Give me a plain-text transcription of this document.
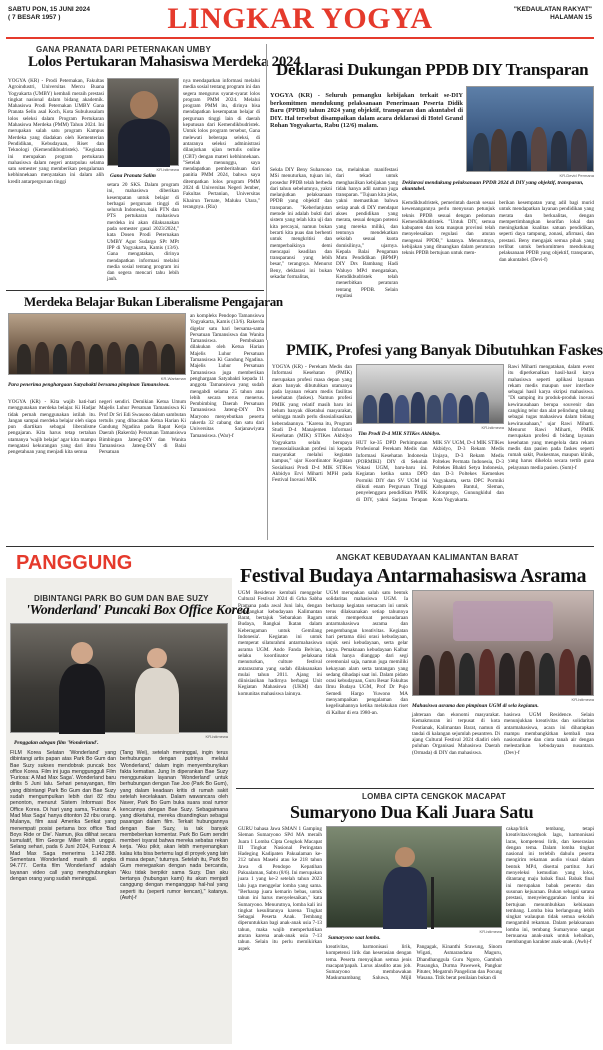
SABTU PON, 15 JUNI 2024
( 7 BESAR 1957 )	LINGKAR YOGYA	"KEDAULATAN RAKYAT"
HALAMAN 15
GANA PRANATA DARI PETERNAKAN UMBY
Lolos Pertukaran Mahasiswa Merdeka 2024
YOGYA (KR) - Prodi Peternakan, Fakultas Agroindustri, Universitas Mercu Buana Yogyakarta (UMBY) kembali meraih prestasi tingkat nasional dalam bidang akademik. Mahasiswa Prodi Peternakan UMBY Gana Pranata Selin asal Koch, Kota Subulussalam lolos seleksi dalam Program Pertukaran Mahasiswa Merdeka (PMM) Tahun 2024. Ini merupakan salah satu program Kampus Merdeka yang diadakan oleh Kementerian Pendidikan, Kebudayaan, Riset dan Teknologi (Kemendikbudristek). "Kegiatan ini merupakan program pertukaran mahasiswa dalam negeri antarpulau selama satu semester yang memberikan pengalaman kebhinnekaan menyatakan ini dalam alih kredit antarperguruan tinggi
KR-istimewa
Gana Pranata Salim
setara 20 SKS. Dalam program ini, mahasiswa diberikan kesempatan untuk belajar di berbagai perguruan tinggi di seluruh Indonesia, baik PTN dan PTS pertukaran mahasiswa merdeka ini akan dilaksanakan pada semester gasal 2023/2024," kata Dosen Prodi Peternakan UMBY Agut Sudargo SPt MPt IPP di Yogyakarta, Kamis (13/6). Gana mengatakan, dirinya mendapatkan informasi melalui media sosial tentang program ini dan segera mencari tahu lebih jauh.
nya mendapatkan informasi melalui media sosial tentang program ini dan segera mengurus syarat-syarat lolos program PMM 2024. Melalui program PMM itu, dirinya bisa mendapatkan kesempatan belajar di perguruan tinggi lain di daerah keputusan dari Kemendikbudristek. Untuk lolos program tersebut, Gana melewati beberapa seleksi, di antaranya seleksi administrasi dilanjutkan ujian tertulis online (CBT) dengan materi kebhinnekaan. "Setelah menunggu, saya mendapatkan pemberitahuan dari panitia PMM 2024, bahwa saya ditempatkan lolos program PMM 2024 di Universitas Negeri Jember, Fakultas Pertanian, Universitas Khairun Ternate, Maluku Utara," terangnya. (Ria)
Deklarasi Dukungan PPDB DIY Transparan
YOGYA (KR) - Seluruh pemangku kebijakan terkait se-DIY berkomitmen mendukung pelaksanaan Penerimaan Peserta Didik Baru (PPDB) tahun 2024 yang objektif, transparan dan akuntabel di DIY. Hal tersebut disampaikan dalam acara deklarasi di Hotel Grand Rohan Yogyakarta, Rabu (12/6) malam.
Sekda DIY Beny Suharsono MSi menuturkan, tujuan ini, prosedur PPDB telah berbeda dari tahun sebelumnya, yakni melanjutkan pelaksanaan PPDB yang objektif dan transparan. "Keberlanjutan metode ini adalah bukti dari sistem yang telah kita uji dan kita percayai, namun bukan berarti kita puas dan berhenti untuk mengkritisi dan memperbaikinya demi mencapai keadilan dan transparansi yang lebih besar," terangnya. Menurut Beny, deklarasi ini bukan sekadar formalitas,
tas, melainkan manifestasi dari tekad untuk menghasilkan kebijakan yang tidak hanya adil namun juga transparan. "Tujuan kita jelas, yakni memastikan bahwa setiap anak di DIY mendapat akses pendidikan yang merata, sesuai dengan potensi yang mereka miliki, dan tentunya mendekatkan sekolah sesuai kuota domisilinya," ujarnya. Kepala Balai Pengaman Mutu Pendidikan (BPMP) DIY Drs Bambang Hadi Waluyo MPd mengatakan, Kemdikbudristek telah menerbitkan peraturan tentang PPDB. Selain regulasi
KR-Devid Permana
Deklarasi mendukung pelaksanaan PPDB 2024 di DIY yang objektif, transparan, akuntabel.
Kemdikbudristek, pemerintah daerah sesuai kewenangannya perlu menyusun petunjuk teknis PPDB sesuai dengan pedoman Kemendikbudristek. "Untuk DIY, semua kabupaten dan kota maupun provinsi telah menyelesaikan regulasi dan aturan mengenai PPDB," katanya. Menurutnya, kebijakan yang dituangkan dalam peraturan teknis PPDB bertujuan untuk mem-
berikan kesempatan yang adil bagi murid untuk mendapatkan layanan pendidikan yang merata dan berkualitas, dengan mempertimbangkan kearifan lokal dan meningkatkan kualitas satuan pendidikan, seperti daya tampung, zonasi, afirmasi, dan prestasi. Beny mengajak semua pihak yang terlibat untuk berkomitmen mendukung pelaksanaan PPDB yang objektif, transparan, dan akuntabel. (Devi-f)
Merdeka Belajar Bukan Liberalisme Pengajaran
KR-Wartaman
Para penerima penghargaan Satyabakti bersama pimpinan Tamansiswa.
YOGYA (KR) - Kita wajib hati-hati menggunakan merdeka belajar. Ki Hadjar tidak pernah menggunakan istilah itu. Jangan sampai merdeka belajar oleh siapa pun diartikan sebagai liberalisme pengajaran. Kita harus tetap tertahan utamanya 'wajib belajar' agar kita mampu mengatasi kekurangan yang dari ilmu pengetahuan yang menjadi kita semua
negeri sendiri. Demikian Ketua Umum Majelis Luhur Persatuan Tamansiswa Ki Prof Dr Sri Edi Swasono dalam sambutan tertulis yang dibacakan Ketua Harian Ki Gandung Ngadina pada Rapat Kerja Daerah (Rakerda) Persatuan Tamansiswa Bimbingan Jateng-DIY dan Wanita Tamansiswa Jateng-DIY di Balai Persatuan
an kompleks Pendopo Tamansiswa Yogyakarta, Kamis (13/6). Rakerda digelar satu hari bersama-sama Persatuan Tamansiswa dan Wanita Tamansiswa. Pembukaan dilakukan oleh Ketua Harian Majelis Luhur Persatuan Tamansiswa Ki Gandung Ngadina. Majelis Luhur Persatuan Tamansiswa juga memberikan penghargaan Satyabakti kepada 11 anggota Tamansiswa yang sudah mengabdi selama 25 tahun atau lebih secara terus menerus. Pembimbing Daerah Persatuan Tamansiswa Jateng-DIY Drs Maryono menyebutkan peserta rakerda 32 cabang dan satu dari Universitas Sarjanawiyata Tamansiswa. (War)-f
PMIK, Profesi yang Banyak Dibutuhkan Faskes
YOGYA (KR) - Perekam Medis dan Informasi Kesehatan (PMIK) merupakan profesi masa depan yang akan banyak dibutuhkan utamanya pada layanan rekam medis fasilitas kesehatan (faskes). Namun profesi PMIK yang relatif masih baru ini belum banyak diketahui masyarakat, sehingga masih perlu disosialisasikan keberadaannya. "Karena itu, Program Studi D-4 Manajemen Informasi Kesehatan (MIK) STIKes Akbidyo Yogyakarta selalu berupaya mensosialisasikan profesi ini kepada masyarakat melalui kegiatan kampus," ujar Koordinator Kegiatan Sosialisasi Prodi D-4 MIK STIKes Akbidyo Ervi Miharti MPH pada Festival Inovasi MIK
KR-istimewa
Tim Prodi D-4 MIK STIKes Akbidyo.
HUT ke-35 DPD Perhimpunan Profesional Perekam Medis dan Informasi Kesehatan Indonesia (PORMIKI) DIY di Sekolah Vokasi UGM, baru-baru ini. Kegiatan ketika sama DPD Pormiki DIY dan SV UGM ini diikuti enam Perguruan Tinggi penyelenggara pendidikan PMIK di DIY, yakni Sarjana Terapan MIK SV UGM, D-4 MIK STIKes Akbidyo, D-3 Rekam Medis Unjaya, D-3 Rekam Medis Poltekes Permata Indonesia, D-3 Poltekes Bhakti Setya Indonesia, dan D-3 Poltekes Kemenkes Yogyakarta, serta DPC Pormiki Kabupaten Bantul, Sleman, Kulonprogo, Gunungkidul dan Kota Yogyakarta.
Rawi Miharti mengatakan, dalam event itu diperkenalkan hasil-hasil karya mahasiswa seperti aplikasi layanan rekam medis maupun user interface sebagai hasil karya skripsi mahasiswa. "Di samping itu produk-produk inovasi kewirausahaan berupa souvenir dan cangking telur dan alat pelindung tabung sebagai tugas mahasiswa dalam bidang kewirausahaan," ujar Rawi Miharti. Menurut Rawi Miharti, PMIK merupakan profesi di bidang layanan kesehatan yang mengelola data rekam medis dan pasien pada faskes seperti rumah sakit, Puskesmas, maupun klinik, yang harus dikelola secara tertib guna pelayanan media pasien. (Sum)-f
PANGGUNG	ANGKAT KEBUDAYAAN KALIMANTAN BARAT
Festival Budaya Antarmahasiswa Asrama
DIBINTANGI PARK BO GUM DAN BAE SUZY
'Wonderland' Puncaki Box Office Korea
KR-istimewa
Penggalan adegan film 'Wonderland'.
FILM Korea Selatan 'Wonderland' yang dibintangi artis papan atas Park Bo Gum dan Bae Suzy sukses mendobrak puncak box office Korea. Film ini juga menggungguli Film 'Furiosa: A Mad Max Saga'. Wonderland baru dirilis 5 Juni lalu. Sehari penayangan, film yang dibintangi Park Bo Gum dan Bae Suzy sudah mengumpulkan lebih dari 82 ribu penonton, menurut Sistem Informasi Box Office Korea. Di hari yang sama, 'Furiosa: A Mad Max Saga' hanya ditonton 32 ribu orang. Mulanya, film asal Amerika Serikat yang menempati posisi pertama box office 'Bad Boys Ride or Die'. Namun, jika dilihat secara kumulatif, film George Miller lebih unggul. Selang sehari, pada 6 Juni 2024, Furiosa: A Mad Max Saga menerima 1.142.288. Sementara Wonderland masih di angka 94.777. Cerita film 'Wonderland' adalah layanan video call yang menghubungkan dengan orang yang sudah meninggal.
(Tang Wei), setelah meninggal, ingin terus berhubungan dengan putrinya melalui 'Wonderland,' dalam ingin menyembunyikan fakta kematian. Jung In diperankan Bae Suzy menggunakan layanan 'Wonderland' untuk berhubungan dengan Tae Joo (Park Bo Gum), yang dalam keadaan kritis di rumah sakit setelah kecelakaan. Dalam wawancara oleh Naver, Park Bo Gum buka suara soal rumor kencannya dengan Bae Suzy. Sebagaimana yang diketahui, mereka disandingkan sebagai pasangan dalam film. Terkait hubungannya dengan Bae Suzy, ia tak banyak membeberkan komentar. Park Bo Gum sendiri memberi isyarat bahwa mereka sebatas rekan kerja. "Aku pikir, akan lebih menyenangkan kalau kita bisa bertemu lagi di proyek yang lain di masa depan," tuturnya. Setelah itu, Park Bo Gum menegaskan dengan nada bercanda, "Aku tidak berpikir sama Suzy. Dan aku bertanya (hubungan kami) itu akan menjadi canggung dengan menganggap hal-hal yang seperti itu (seperti rumor kencan)," katanya. (Awh)-f
UGM Residence kembali menggelar Cultural Festival 2024 di Grha Sabha Pramana pada awal Juni lalu, dengan mengangkat kebudayaan Kalimantan Barat, bertajuk 'Sebarakan Ragam Budaya, Rangkai Ikatan dalam Keberagaman untuk Gemilang Indonesia'. Kegiatan ini untuk memperat silaturahmi antarmahasiswa asrama UGM. Ando Fanda Belvian, selaku koordinator pelaksana menuturkan, culture festival antarasrama yang sudah dilaksanakan mulai tahun 2011. Ajang ini diinisiasikan hadirnya berbagai Unit Kegiatan Mahasiswa (UKM) dan komunitas mahasiswa lainnya.
UGM merupakan salah satu bentuk solidaritas mahasiswa UGM. Ia berharap kegiatan semacam ini untuk terus dilaksanakan setiap tahunnya untuk memperkuat persaudaraan antarmahasiswa asrama dan pengembangan kreativitas. Kegiatan hari pertama diisi orasi kebudayaan, unjuk seni kebudayaan, serta gelar karya. Pemaknaan kebudayaan Kalbar tidak hanya dianggap dari segi ceremonial saja, namun juga memiliki kekayaan alam serta tantangan yang sedang dihadapi saat ini. Dalam pidato orasi kebudayaan, Guru Besar Fakultas Ilmu Budaya UGM, Prof Dr Pujo Semedi Hargo Yuwono MA menyampaikan pengalaman dan kegelisahannya ketika melakukan riset di Kalbar di era 1980-an.
KR-istimewa
Mahasiswa asrama dan pimpinan UGM di sela kegiatan.
jahteraan dan ekonomi masyarakat. Kemakmuran ini terpusat di kota Pontianak, Kalimantan Barat, namun di tandai di kalangan sejumlah pesantren. Di ajang Cultural Festival 2024 diadiri oleh puluhan Organisasi Mahasiswa Daerah (Ormada) di DIY dan mahasiswa.
hasiswa UGM Residence. Selain menunjukkan kreativitas dan solidaritas antarmahasiswa, acara ini diharapkan mampu membangkitkan kembali rasa nasionalisme dan cinta tanah air dengan melestarikan kebudayaan nusantara. (Dev)-f
LOMBA CIPTA CENGKOK MACAPAT
Sumaryono Dua Kali Juara Satu
GURU bahasa Jawa SMAN 1 Gamping Sleman Sumaryono SPd MA meraih Juara 1 Lomba Cipta Cengkok Macapat III Tingkat Nasional Peringatan Hadeging Kadipaten Pakualaman ke-212 tahun Masehi atau ke 218 tahun Jawa di Pendopo Kepatihan Pakualaman, Sabtu (8/6). Ini merupakan juara 1 yang ke-2 setelah tahun 2023 lalu juga menggelar lomba yang sama. "Berharap juara kemarin bebas, untuk tahun ini harus menyelesaikan," kata Sumaryono. Menurutnya, lomba kali ini tingkat kesulitannya karena Tingkat Sebagai Peserta Anak. Tembang diperuntukkan bagi anak-anak usia 7-13 tahun, maka wajib memperhatikan aturan karena anak-anak usia 7-13 tahun. Selain itu perlu memikirkan aspek
KR-istimewa
Sumaryono saat lomba.
kreativitas, harmonisasi lirik, kompetensi lirik dan keserasian dengan tema. Peserta menyajikan semua jenis macapat/papah. Lurus alasdito atau job. Sumaryono membawakan Maskumambang Saluwa, Mijil Pangagak, Kinanthi Srawung, Sinom Wigati, Asmarandana Maguru, Dhandhanggula Guru Ngoro, Gambuh Prasangka, Durma Pawewek, Pangkur Pituter, Megatruh Pangeliran dan Pocung Wasana. Titik berat penilaian bukan di
cakap/lirik tembang, tetapi kreativitas/cengkok lagu, harmonisasi laras, kompetensi lirik, dan keserasian dengan tema. Dalam lomba tingkat nasional ini terlebih dahulu peserta mengirim rekaman audio visual dalam bentuk MP4, disertai partitur. Juri menyeleksi kemudian yang lolos, ditantang maju babak final. Babak final ini merupakan babak penentu dan susunan kejuaraan. Bukan sebagai sarana prestasi, menyelenggarakan lomba ini bertujuan menumbuhkan kebiasaan tembang. Lomba bisa berlangsung lebih singkat walaupun tidak semua sekolah mengambil rekaman. Dalam pelaksanaan lomba ini, tembang Sumaryono sangat bernuansa anak-anak untuk kebaikan, membangun karakter anak-anak. (Awh)-f
